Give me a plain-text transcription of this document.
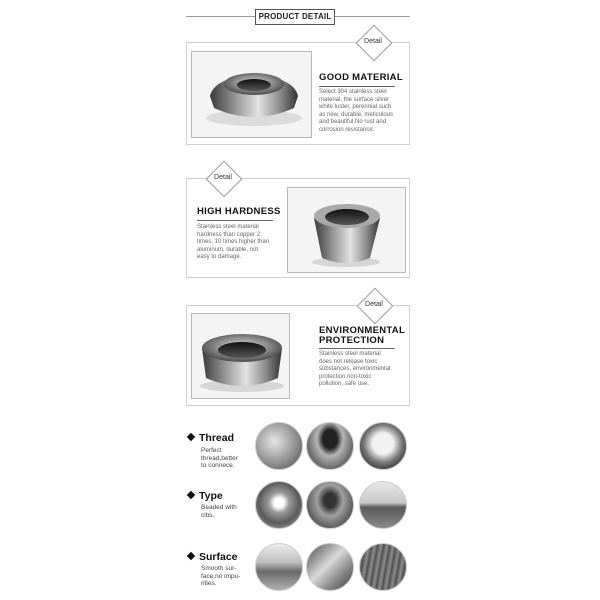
PRODUCT DETAIL
Detail
GOOD MATERIAL
Select 304 stainless steel
material, the surface silver
white luster, perennial such
as new, durable, meticulous
and beautiful.No rust and
corrosion resistance.
Detail
HIGH HARDNESS
Stainless steel material
hardness than copper 2
times, 10 times higher than
aluminum, durable, not
easy to damage.
Detail
ENVIRONMENTAL
PROTECTION
Stainless steel material
does not release toxic
substances, environmental
protection non-toxic
pollution, safe use.
Thread
Perfect
thread,better
to connece.
Type
Beaded with
clbs.
Surface
Smooth sur-
face,no impu-
rities.
